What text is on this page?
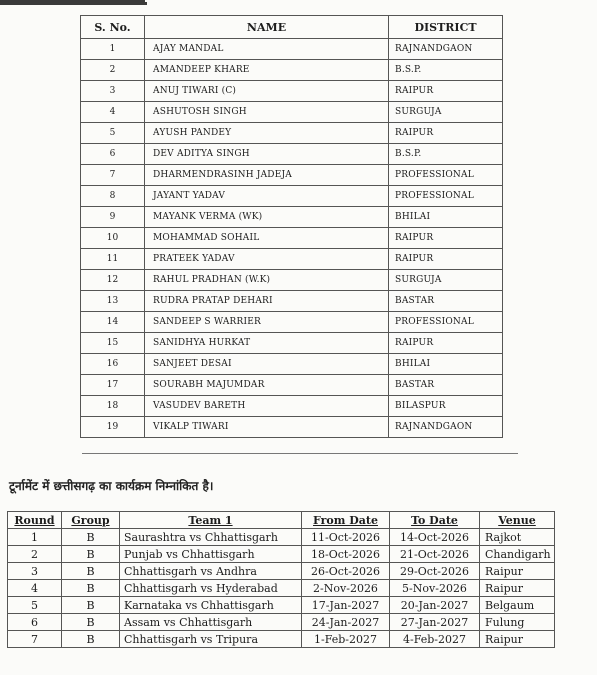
S. No.	NAME	DISTRICT
1	AJAY MANDAL	RAJNANDGAON
2	AMANDEEP KHARE	B.S.P.
3	ANUJ TIWARI (C)	RAIPUR
4	ASHUTOSH SINGH	SURGUJA
5	AYUSH PANDEY	RAIPUR
6	DEV ADITYA SINGH	B.S.P.
7	DHARMENDRASINH JADEJA	PROFESSIONAL
8	JAYANT YADAV	PROFESSIONAL
9	MAYANK VERMA (WK)	BHILAI
10	MOHAMMAD SOHAIL	RAIPUR
11	PRATEEK YADAV	RAIPUR
12	RAHUL PRADHAN (W.K)	SURGUJA
13	RUDRA PRATAP DEHARI	BASTAR
14	SANDEEP S WARRIER	PROFESSIONAL
15	SANIDHYA HURKAT	RAIPUR
16	SANJEET DESAI	BHILAI
17	SOURABH MAJUMDAR	BASTAR
18	VASUDEV BARETH	BILASPUR
19	VIKALP TIWARI	RAJNANDGAON
टूर्नामेंट में छत्तीसगढ़ का कार्यक्रम निम्नांकित है।
Round	Group	Team 1	From Date	To Date	Venue
1	B	Saurashtra vs Chhattisgarh	11-Oct-2026	14-Oct-2026	Rajkot
2	B	Punjab vs Chhattisgarh	18-Oct-2026	21-Oct-2026	Chandigarh
3	B	Chhattisgarh vs Andhra	26-Oct-2026	29-Oct-2026	Raipur
4	B	Chhattisgarh vs Hyderabad	2-Nov-2026	5-Nov-2026	Raipur
5	B	Karnataka vs Chhattisgarh	17-Jan-2027	20-Jan-2027	Belgaum
6	B	Assam vs Chhattisgarh	24-Jan-2027	27-Jan-2027	Fulung
7	B	Chhattisgarh vs Tripura	1-Feb-2027	4-Feb-2027	Raipur
